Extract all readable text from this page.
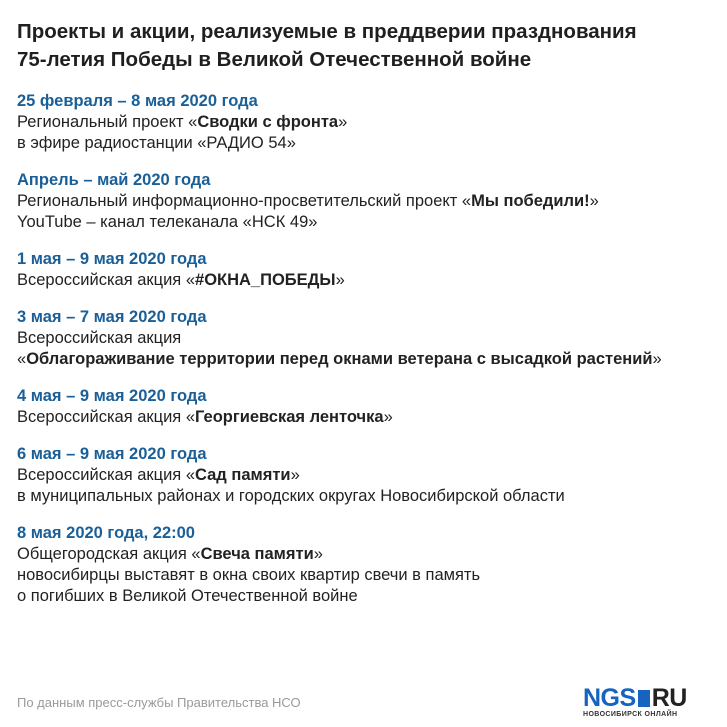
Проекты и акции, реализуемые в преддверии празднования
75-летия Победы в Великой Отечественной войне
25 февраля – 8 мая 2020 года
Региональный проект «Сводки с фронта»
в эфире радиостанции «РАДИО 54»
Апрель – май 2020 года
Региональный информационно-просветительский проект «Мы победили!»
YouTube – канал телеканала «НСК 49»
1 мая – 9 мая 2020 года
Всероссийская акция «#ОКНА_ПОБЕДЫ»
3 мая – 7 мая 2020 года
Всероссийская акция
«Облагораживание территории перед окнами ветерана с высадкой растений»
4 мая – 9 мая 2020 года
Всероссийская акция «Георгиевская ленточка»
6 мая – 9 мая 2020 года
Всероссийская акция «Сад памяти»
в муниципальных районах и городских округах Новосибирской области
8 мая 2020 года, 22:00
Общегородская акция «Свеча памяти»
новосибирцы выставят в окна своих квартир свечи в память
о погибших в Великой Отечественной войне
По данным пресс-службы Правительства НСО	NGS RU
НОВОСИБИРСК ОНЛАЙН
